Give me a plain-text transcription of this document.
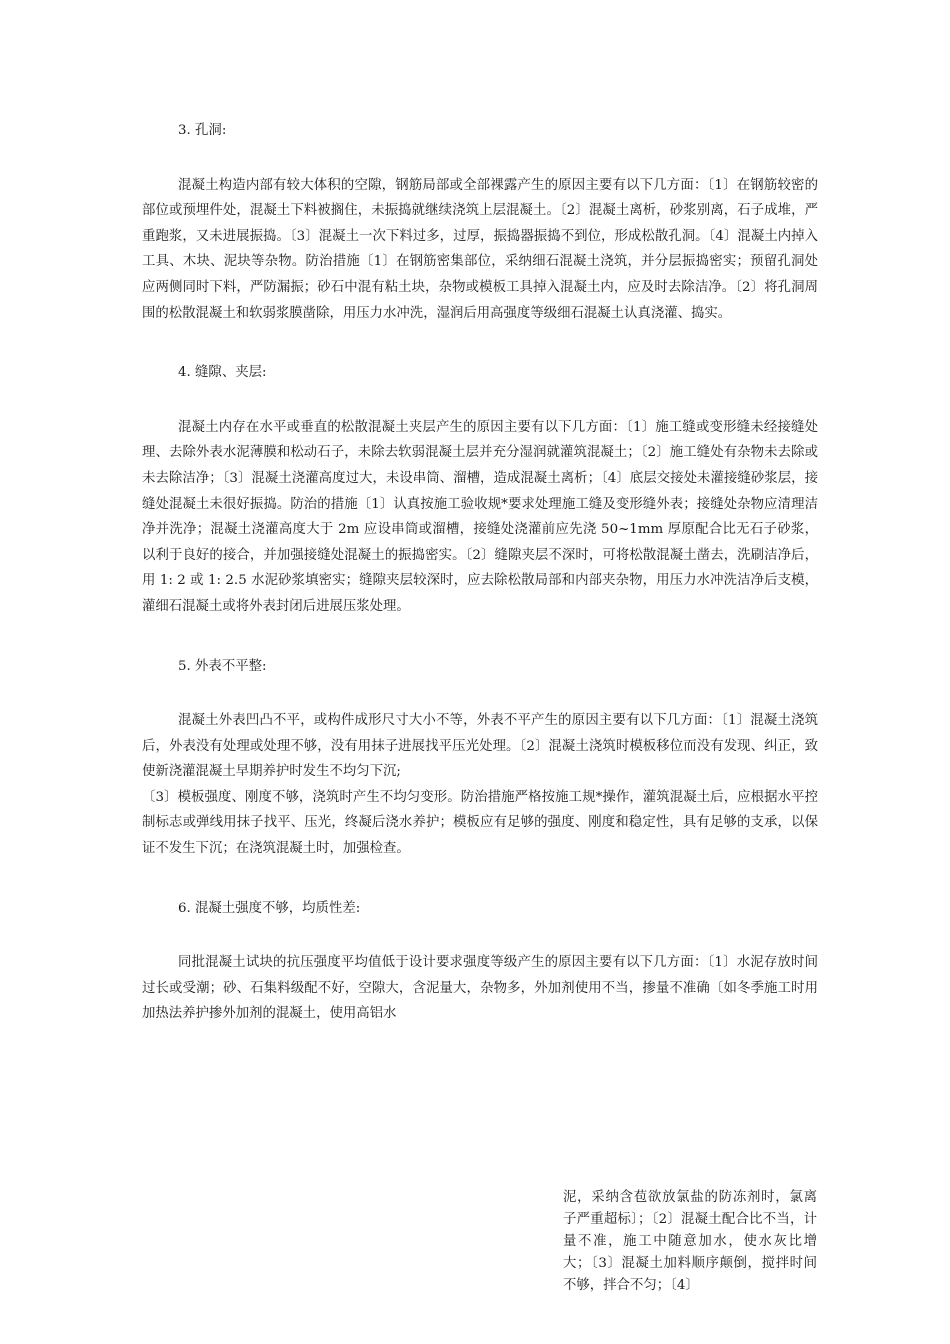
3. 孔洞:

混凝土构造内部有较大体积的空隙，钢筋局部或全部裸露产生的原因主要有以下几方面：〔1〕在钢筋较密的部位或预埋件处，混凝土下料被搁住，未振捣就继续浇筑上层混凝土。〔2〕混凝土离析，砂浆别离，石子成堆，严重跑浆，又未进展振捣。〔3〕混凝土一次下料过多，过厚，振捣器振捣不到位，形成松散孔洞。〔4〕混凝土内掉入工具、木块、泥块等杂物。防治措施〔1〕在钢筋密集部位，采纳细石混凝土浇筑，并分层振捣密实；预留孔洞处应两侧同时下料，严防漏振；砂石中混有粘土块，杂物或模板工具掉入混凝土内，应及时去除洁净。〔2〕将孔洞周围的松散混凝土和软弱浆膜凿除，用压力水冲洗，湿润后用高强度等级细石混凝土认真浇灌、捣实。

4. 缝隙、夹层:

混凝土内存在水平或垂直的松散混凝土夹层产生的原因主要有以下几方面：〔1〕施工缝或变形缝未经接缝处理、去除外表水泥薄膜和松动石子，未除去软弱混凝土层并充分湿润就灌筑混凝土；〔2〕施工缝处有杂物未去除或未去除洁净；〔3〕混凝土浇灌高度过大，未设串筒、溜槽，造成混凝土离析；〔4〕底层交接处未灌接缝砂浆层，接缝处混凝土未很好振捣。防治的措施〔1〕认真按施工验收规*要求处理施工缝及变形缝外表；接缝处杂物应清理洁净并洗净；混凝土浇灌高度大于 2m 应设串筒或溜槽，接缝处浇灌前应先浇 50~1mm 厚原配合比无石子砂浆，以利于良好的接合，并加强接缝处混凝土的振捣密实。〔2〕缝隙夹层不深时，可将松散混凝土凿去，洗刷洁净后，用 1: 2 或 1: 2.5 水泥砂浆填密实；缝隙夹层较深时，应去除松散局部和内部夹杂物，用压力水冲洗洁净后支模，灌细石混凝土或将外表封闭后进展压浆处理。

5. 外表不平整:

混凝土外表凹凸不平，或构件成形尺寸大小不等，外表不平产生的原因主要有以下几方面：〔1〕混凝土浇筑后，外表没有处理或处理不够，没有用抹子进展找平压光处理。〔2〕混凝土浇筑时模板移位而没有发现、纠正，致使新浇灌混凝土早期养护时发生不均匀下沉;

〔3〕模板强度、刚度不够，浇筑时产生不均匀变形。防治措施严格按施工规*操作，灌筑混凝土后，应根据水平控制标志或弹线用抹子找平、压光，终凝后浇水养护；模板应有足够的强度、刚度和稳定性，具有足够的支承，以保证不发生下沉；在浇筑混凝土时，加强检查。

6. 混凝土强度不够，均质性差:

同批混凝土试块的抗压强度平均值低于设计要求强度等级产生的原因主要有以下几方面：〔1〕水泥存放时间过长或受潮；砂、石集料级配不好，空隙大，含泥量大，杂物多，外加剂使用不当，掺量不准确〔如冬季施工时用加热法养护掺外加剂的混凝土，使用高铝水

泥，采纳含苞欲放氯盐的防冻剂时，氯离子严重超标〕；〔2〕混凝土配合比不当，计量不准，施工中随意加水，使水灰比增大；〔3〕混凝土加料顺序颠倒，搅拌时间不够，拌合不匀；〔4〕
